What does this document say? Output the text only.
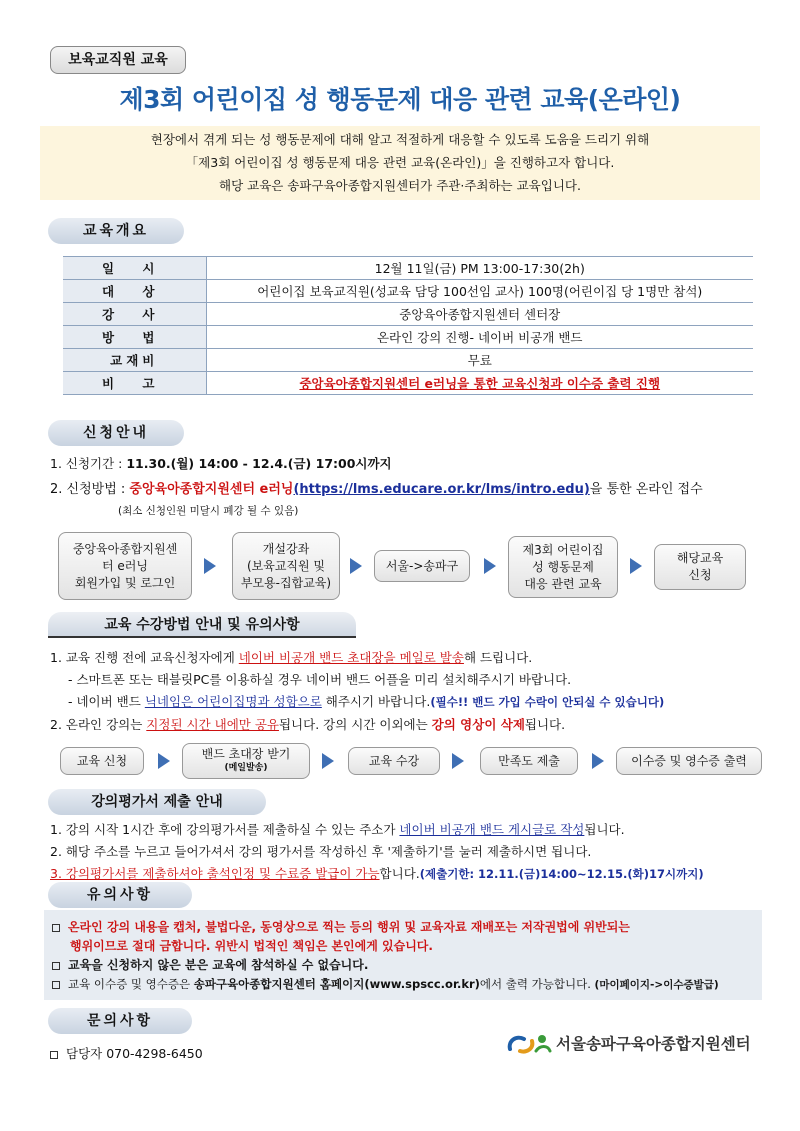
보육교직원 교육
제3회 어린이집 성 행동문제 대응 관련 교육(온라인)
현장에서 겪게 되는 성 행동문제에 대해 알고 적절하게 대응할 수 있도록 도움을 드리기 위해
「제3회 어린이집 성 행동문제 대응 관련 교육(온라인)」을 진행하고자 합니다.
해당 교육은 송파구육아종합지원센터가 주관·주최하는 교육입니다.
교육개요
일 시	12월 11일(금) PM 13:00-17:30(2h)
대 상	어린이집 보육교직원(성교육 담당 100선임 교사) 100명(어린이집 당 1명만 참석)
강 사	중앙육아종합지원센터 센터장
방 법	온라인 강의 진행- 네이버 비공개 밴드
교재비	무료
비 고	중앙육아종합지원센터 e러닝을 통한 교육신청과 이수증 출력 진행
신청안내
1. 신청기간 : 11.30.(월) 14:00 - 12.4.(금) 17:00시까지
2. 신청방법 : 중앙육아종합지원센터 e러닝(https://lms.educare.or.kr/lms/intro.edu)을 통한 온라인 접수
(최소 신청인원 미달시 폐강 될 수 있음)
중앙육아종합지원센
터 e러닝
회원가입 및 로그인
개설강좌
(보육교직원 및
부모용-집합교육)
서울->송파구
제3회 어린이집
성 행동문제
대응 관련 교육
해당교육
신청
교육 수강방법 안내 및 유의사항
1. 교육 진행 전에 교육신청자에게 네이버 비공개 밴드 초대장을 메일로 발송해 드립니다.
- 스마트폰 또는 태블릿PC를 이용하실 경우 네이버 밴드 어플을 미리 설치해주시기 바랍니다.
- 네이버 밴드 닉네임은 어린이집명과 성함으로 해주시기 바랍니다.(필수!! 밴드 가입 수락이 안되실 수 있습니다)
2. 온라인 강의는 지정된 시간 내에만 공유됩니다. 강의 시간 이외에는 강의 영상이 삭제됩니다.
교육 신청	밴드 초대장 받기
(메일발송)
교육 수강	만족도 제출	이수증 및 영수증 출력
강의평가서 제출 안내
1. 강의 시작 1시간 후에 강의평가서를 제출하실 수 있는 주소가 네이버 비공개 밴드 게시글로 작성됩니다.
2. 해당 주소를 누르고 들어가셔서 강의 평가서를 작성하신 후 '제출하기'를 눌러 제출하시면 됩니다.
3. 강의평가서를 제출하셔야 출석인정 및 수료증 발급이 가능합니다.(제출기한: 12.11.(금)14:00~12.15.(화)17시까지)
유의사항
온라인 강의 내용을 캡처, 불법다운, 동영상으로 찍는 등의 행위 및 교육자료 재배포는 저작권법에 위반되는
행위이므로 절대 금합니다. 위반시 법적인 책임은 본인에게 있습니다.
교육을 신청하지 않은 분은 교육에 참석하실 수 없습니다.
교육 이수증 및 영수증은 송파구육아종합지원센터 홈페이지(www.spscc.or.kr)에서 출력 가능합니다. (마이페이지->이수증발급)
문의사항
담당자 070-4298-6450
서울송파구육아종합지원센터
